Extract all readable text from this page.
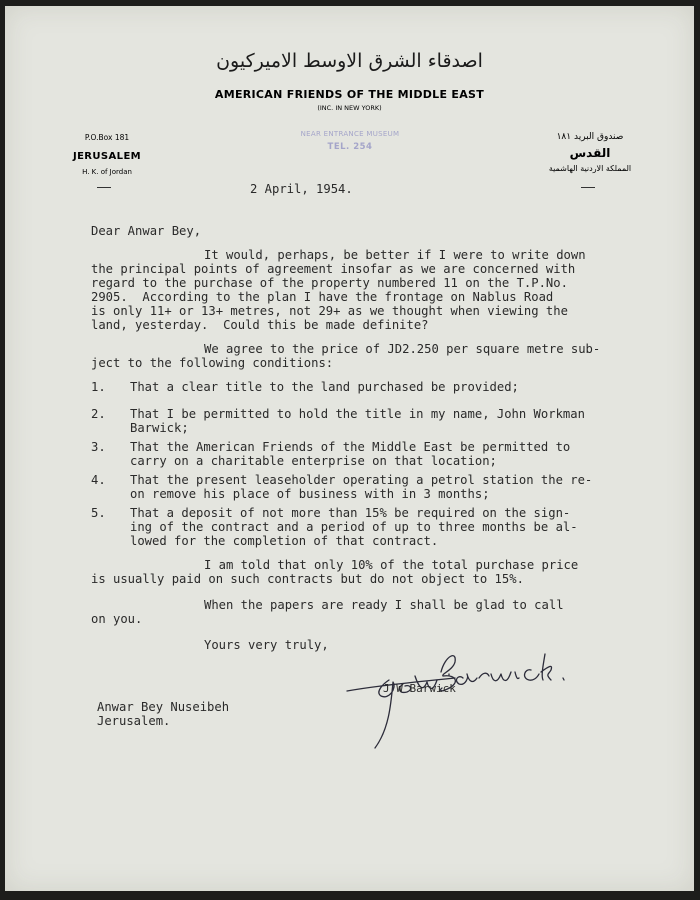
اصدقاء الشرق الاوسط الاميركيون
AMERICAN FRIENDS OF THE MIDDLE EAST
(INC. IN NEW YORK)
P.O.Box 181
JERUSALEM
H. K. of Jordan
NEAR ENTRANCE MUSEUM
TEL. 254
صندوق البريد ١٨١
القدس
المملكة الاردنية الهاشمية
2 April, 1954.
Dear Anwar Bey,
It would, perhaps, be better if I were to write down
the principal points of agreement insofar as we are concerned with
regard to the purchase of the property numbered 11 on the T.P.No.
2905.  According to the plan I have the frontage on Nablus Road
is only 11+ or 13+ metres, not 29+ as we thought when viewing the
land, yesterday.  Could this be made definite?
We agree to the price of JD2.250 per square metre sub-
ject to the following conditions:
1. That a clear title to the land purchased be provided;
2. That I be permitted to hold the title in my name, John Workman
Barwick;
3. That the American Friends of the Middle East be permitted to
carry on a charitable enterprise on that location;
4. That the present leaseholder operating a petrol station the re-
on remove his place of business with in 3 months;
5. That a deposit of not more than 15% be required on the sign-
ing of the contract and a period of up to three months be al-
lowed for the completion of that contract.
I am told that only 10% of the total purchase price
is usually paid on such contracts but do not object to 15%.
When the papers are ready I shall be glad to call
on you.
Yours very truly,
J W Barwick
Anwar Bey Nuseibeh
Jerusalem.
